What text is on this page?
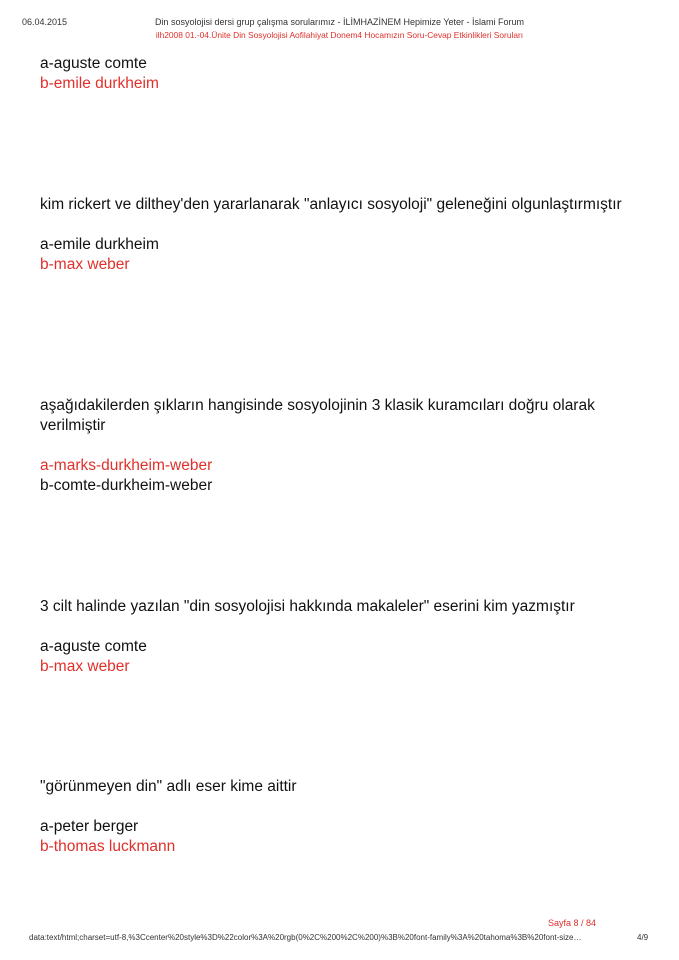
06.04.2015	Din sosyolojisi dersi grup çalışma sorularımız - İLİMHAZİNEM Hepimize Yeter - İslami Forum
ilh2008 01.-04.Ünite Din Sosyolojisi Aofilahiyat Donem4 Hocamızın Soru-Cevap Etkinlikleri Soruları
a-aguste comte
b-emile durkheim
kim rickert ve dilthey'den yararlanarak "anlayıcı sosyoloji" geleneğini olgunlaştırmıştır
a-emile durkheim
b-max weber
aşağıdakilerden şıkların hangisinde sosyolojinin 3 klasik kuramcıları doğru olarak verilmiştir
a-marks-durkheim-weber
b-comte-durkheim-weber
3 cilt halinde yazılan "din sosyolojisi hakkında makaleler" eserini kim yazmıştır
a-aguste comte
b-max weber
"görünmeyen din" adlı eser kime aittir
a-peter berger
b-thomas luckmann
Sayfa 8 / 84
data:text/html;charset=utf-8,%3Ccenter%20style%3D%22color%3A%20rgb(0%2C%200%2C%200)%3B%20font-family%3A%20tahoma%3B%20font-size…	4/9
